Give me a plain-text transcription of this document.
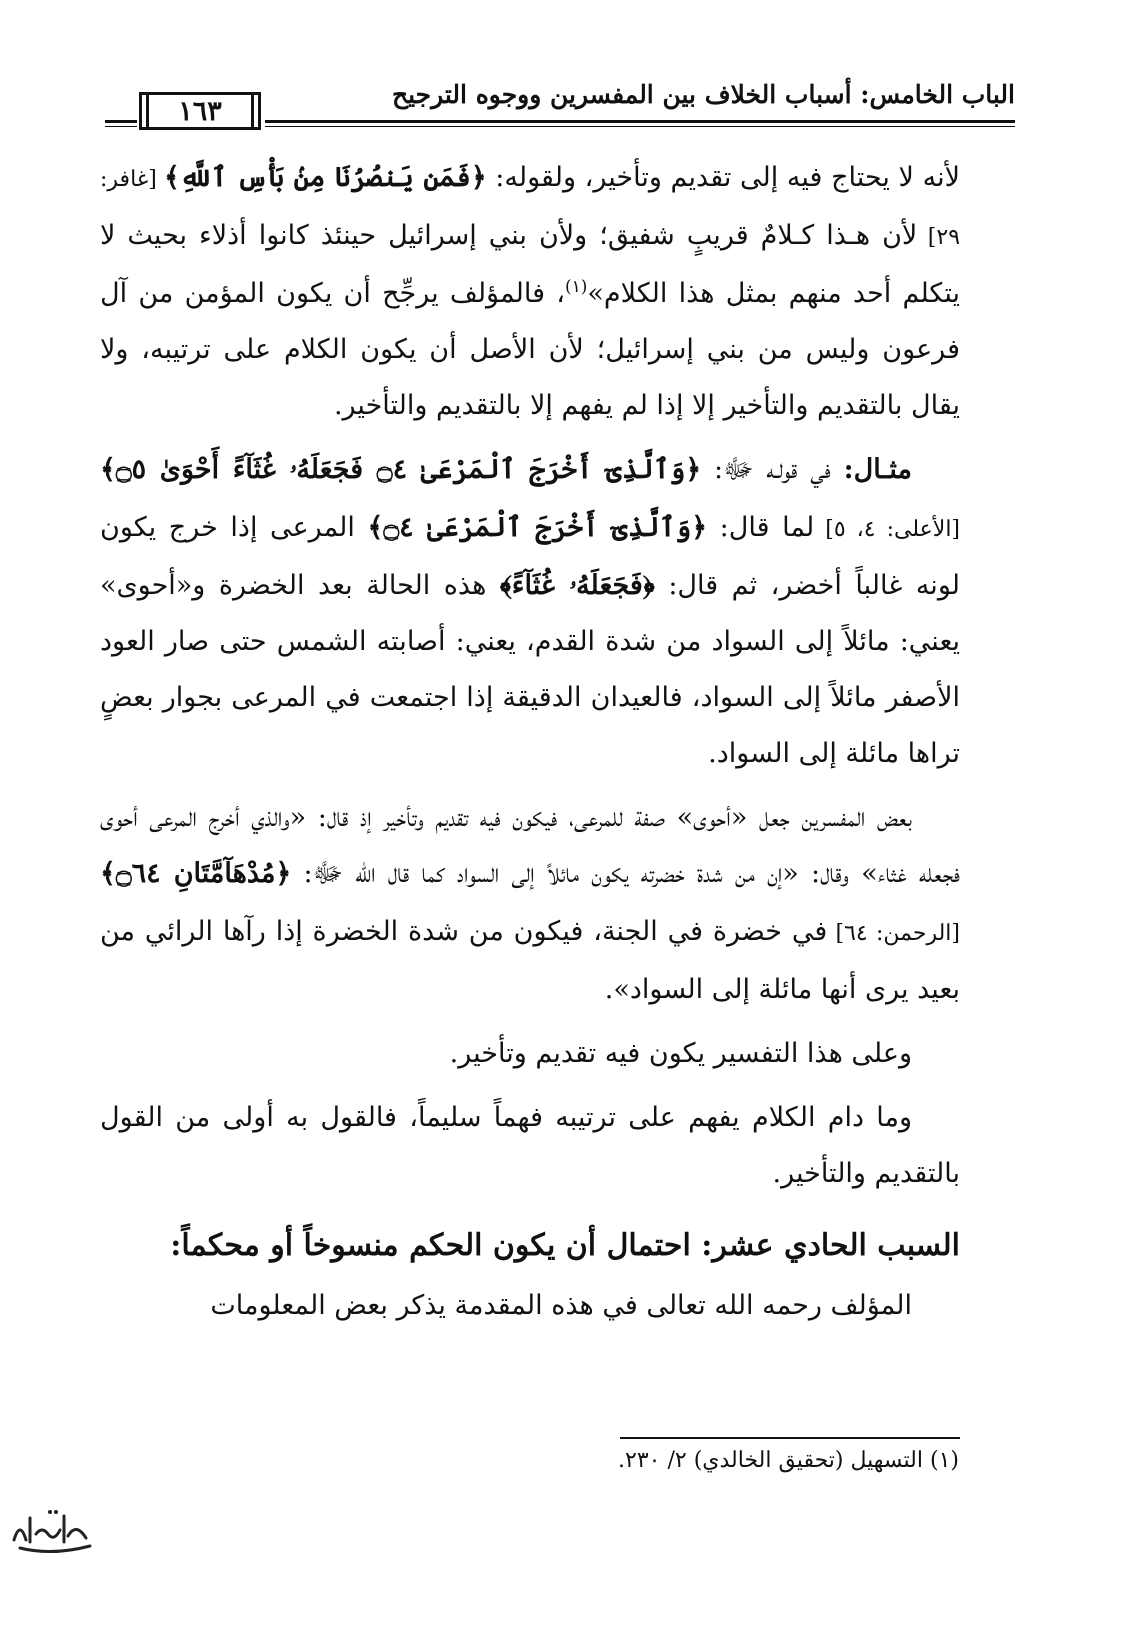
الباب الخامس: أسباب الخلاف بين المفسرين ووجوه الترجيح
١٦٣

لأنه لا يحتاج فيه إلى تقديم وتأخير، ولقوله: ﴿فَمَن يَنصُرُنَا مِنۢ بَأْسِ ٱللَّهِ﴾ [غافر: ٢٩] لأن هـذا كـلامٌ قريبٍ شفيق؛ ولأن بني إسرائيل حينئذ كانوا أذلاء بحيث لا يتكلم أحد منهم بمثل هذا الكلام»$^{(١)}$، فالمؤلف يرجِّح أن يكون المؤمن من آل فرعون وليس من بني إسرائيل؛ لأن الأصل أن يكون الكلام على ترتيبه، ولا يقال بالتقديم والتأخير إلا إذا لم يفهم إلا بالتقديم والتأخير.

مثـال: في قولـه ﷻ: ﴿وَٱلَّذِىٓ أَخْرَجَ ٱلْمَرْعَىٰ ۝٤ فَجَعَلَهُۥ غُثَآءً أَحْوَىٰ ۝٥﴾ [الأعلى: ٤، ٥] لما قال: ﴿وَٱلَّذِىٓ أَخْرَجَ ٱلْمَرْعَىٰ ۝٤﴾ المرعى إذا خرج يكون لونه غالباً أخضر، ثم قال: ﴿فَجَعَلَهُۥ غُثَآءً﴾ هذه الحالة بعد الخضرة و«أحوى» يعني: مائلاً إلى السواد من شدة القدم، يعني: أصابته الشمس حتى صار العود الأصفر مائلاً إلى السواد، فالعيدان الدقيقة إذا اجتمعت في المرعى بجوار بعضٍ تراها مائلة إلى السواد.

بعض المفسرين جعل «أحوى» صفة للمرعى، فيكون فيه تقديم وتأخير إذ قال: «والذي أخرج المرعى أحوى فجعله غثاء» وقال: «إن من شدة خضرته يكون مائلاً إلى السواد كما قال الله ﷻ: ﴿مُدْهَآمَّتَانِ ۝٦٤﴾ [الرحمن: ٦٤] في خضرة في الجنة، فيكون من شدة الخضرة إذا رآها الرائي من بعيد يرى أنها مائلة إلى السواد».

وعلى هذا التفسير يكون فيه تقديم وتأخير.

وما دام الكلام يفهم على ترتيبه فهماً سليماً، فالقول به أولى من القول بالتقديم والتأخير.

السبب الحادي عشر: احتمال أن يكون الحكم منسوخاً أو محكماً:

المؤلف رحمه الله تعالى في هذه المقدمة يذكر بعض المعلومات

(١) التسهيل (تحقيق الخالدي) ٢/ ٢٣٠.
